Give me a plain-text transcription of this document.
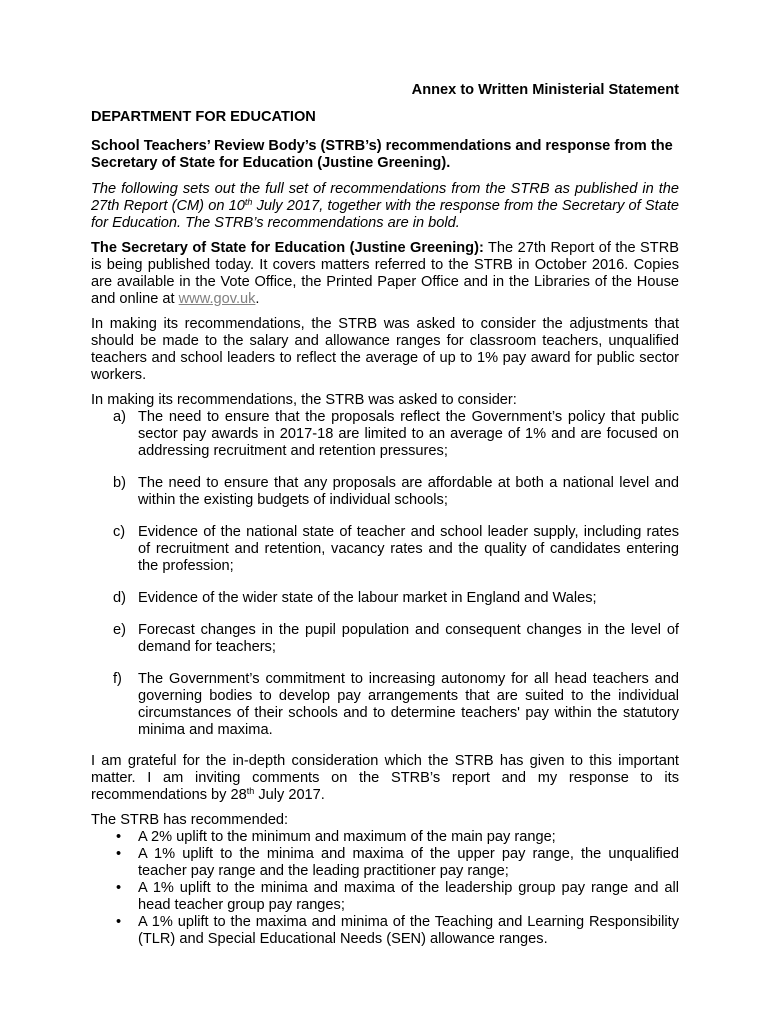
Annex to Written Ministerial Statement
DEPARTMENT FOR EDUCATION
School Teachers’ Review Body’s (STRB’s) recommendations and response from the Secretary of State for Education (Justine Greening).

The following sets out the full set of recommendations from the STRB as published in the 27th Report (CM) on 10th July 2017, together with the response from the Secretary of State for Education. The STRB’s recommendations are in bold.

The Secretary of State for Education (Justine Greening): The 27th Report of the STRB is being published today. It covers matters referred to the STRB in October 2016. Copies are available in the Vote Office, the Printed Paper Office and in the Libraries of the House and online at www.gov.uk.

In making its recommendations, the STRB was asked to consider the adjustments that should be made to the salary and allowance ranges for classroom teachers, unqualified teachers and school leaders to reflect the average of up to 1% pay award for public sector workers.

In making its recommendations, the STRB was asked to consider:
a) The need to ensure that the proposals reflect the Government’s policy that public sector pay awards in 2017-18 are limited to an average of 1% and are focused on addressing recruitment and retention pressures;
b) The need to ensure that any proposals are affordable at both a national level and within the existing budgets of individual schools;
c) Evidence of the national state of teacher and school leader supply, including rates of recruitment and retention, vacancy rates and the quality of candidates entering the profession;
d) Evidence of the wider state of the labour market in England and Wales;
e) Forecast changes in the pupil population and consequent changes in the level of demand for teachers;
f) The Government’s commitment to increasing autonomy for all head teachers and governing bodies to develop pay arrangements that are suited to the individual circumstances of their schools and to determine teachers' pay within the statutory minima and maxima.

I am grateful for the in-depth consideration which the STRB has given to this important matter. I am inviting comments on the STRB’s report and my response to its recommendations by 28th July 2017.

The STRB has recommended:
• A 2% uplift to the minimum and maximum of the main pay range;
• A 1% uplift to the minima and maxima of the upper pay range, the unqualified teacher pay range and the leading practitioner pay range;
• A 1% uplift to the minima and maxima of the leadership group pay range and all head teacher group pay ranges;
• A 1% uplift to the maxima and minima of the Teaching and Learning Responsibility (TLR) and Special Educational Needs (SEN) allowance ranges.
